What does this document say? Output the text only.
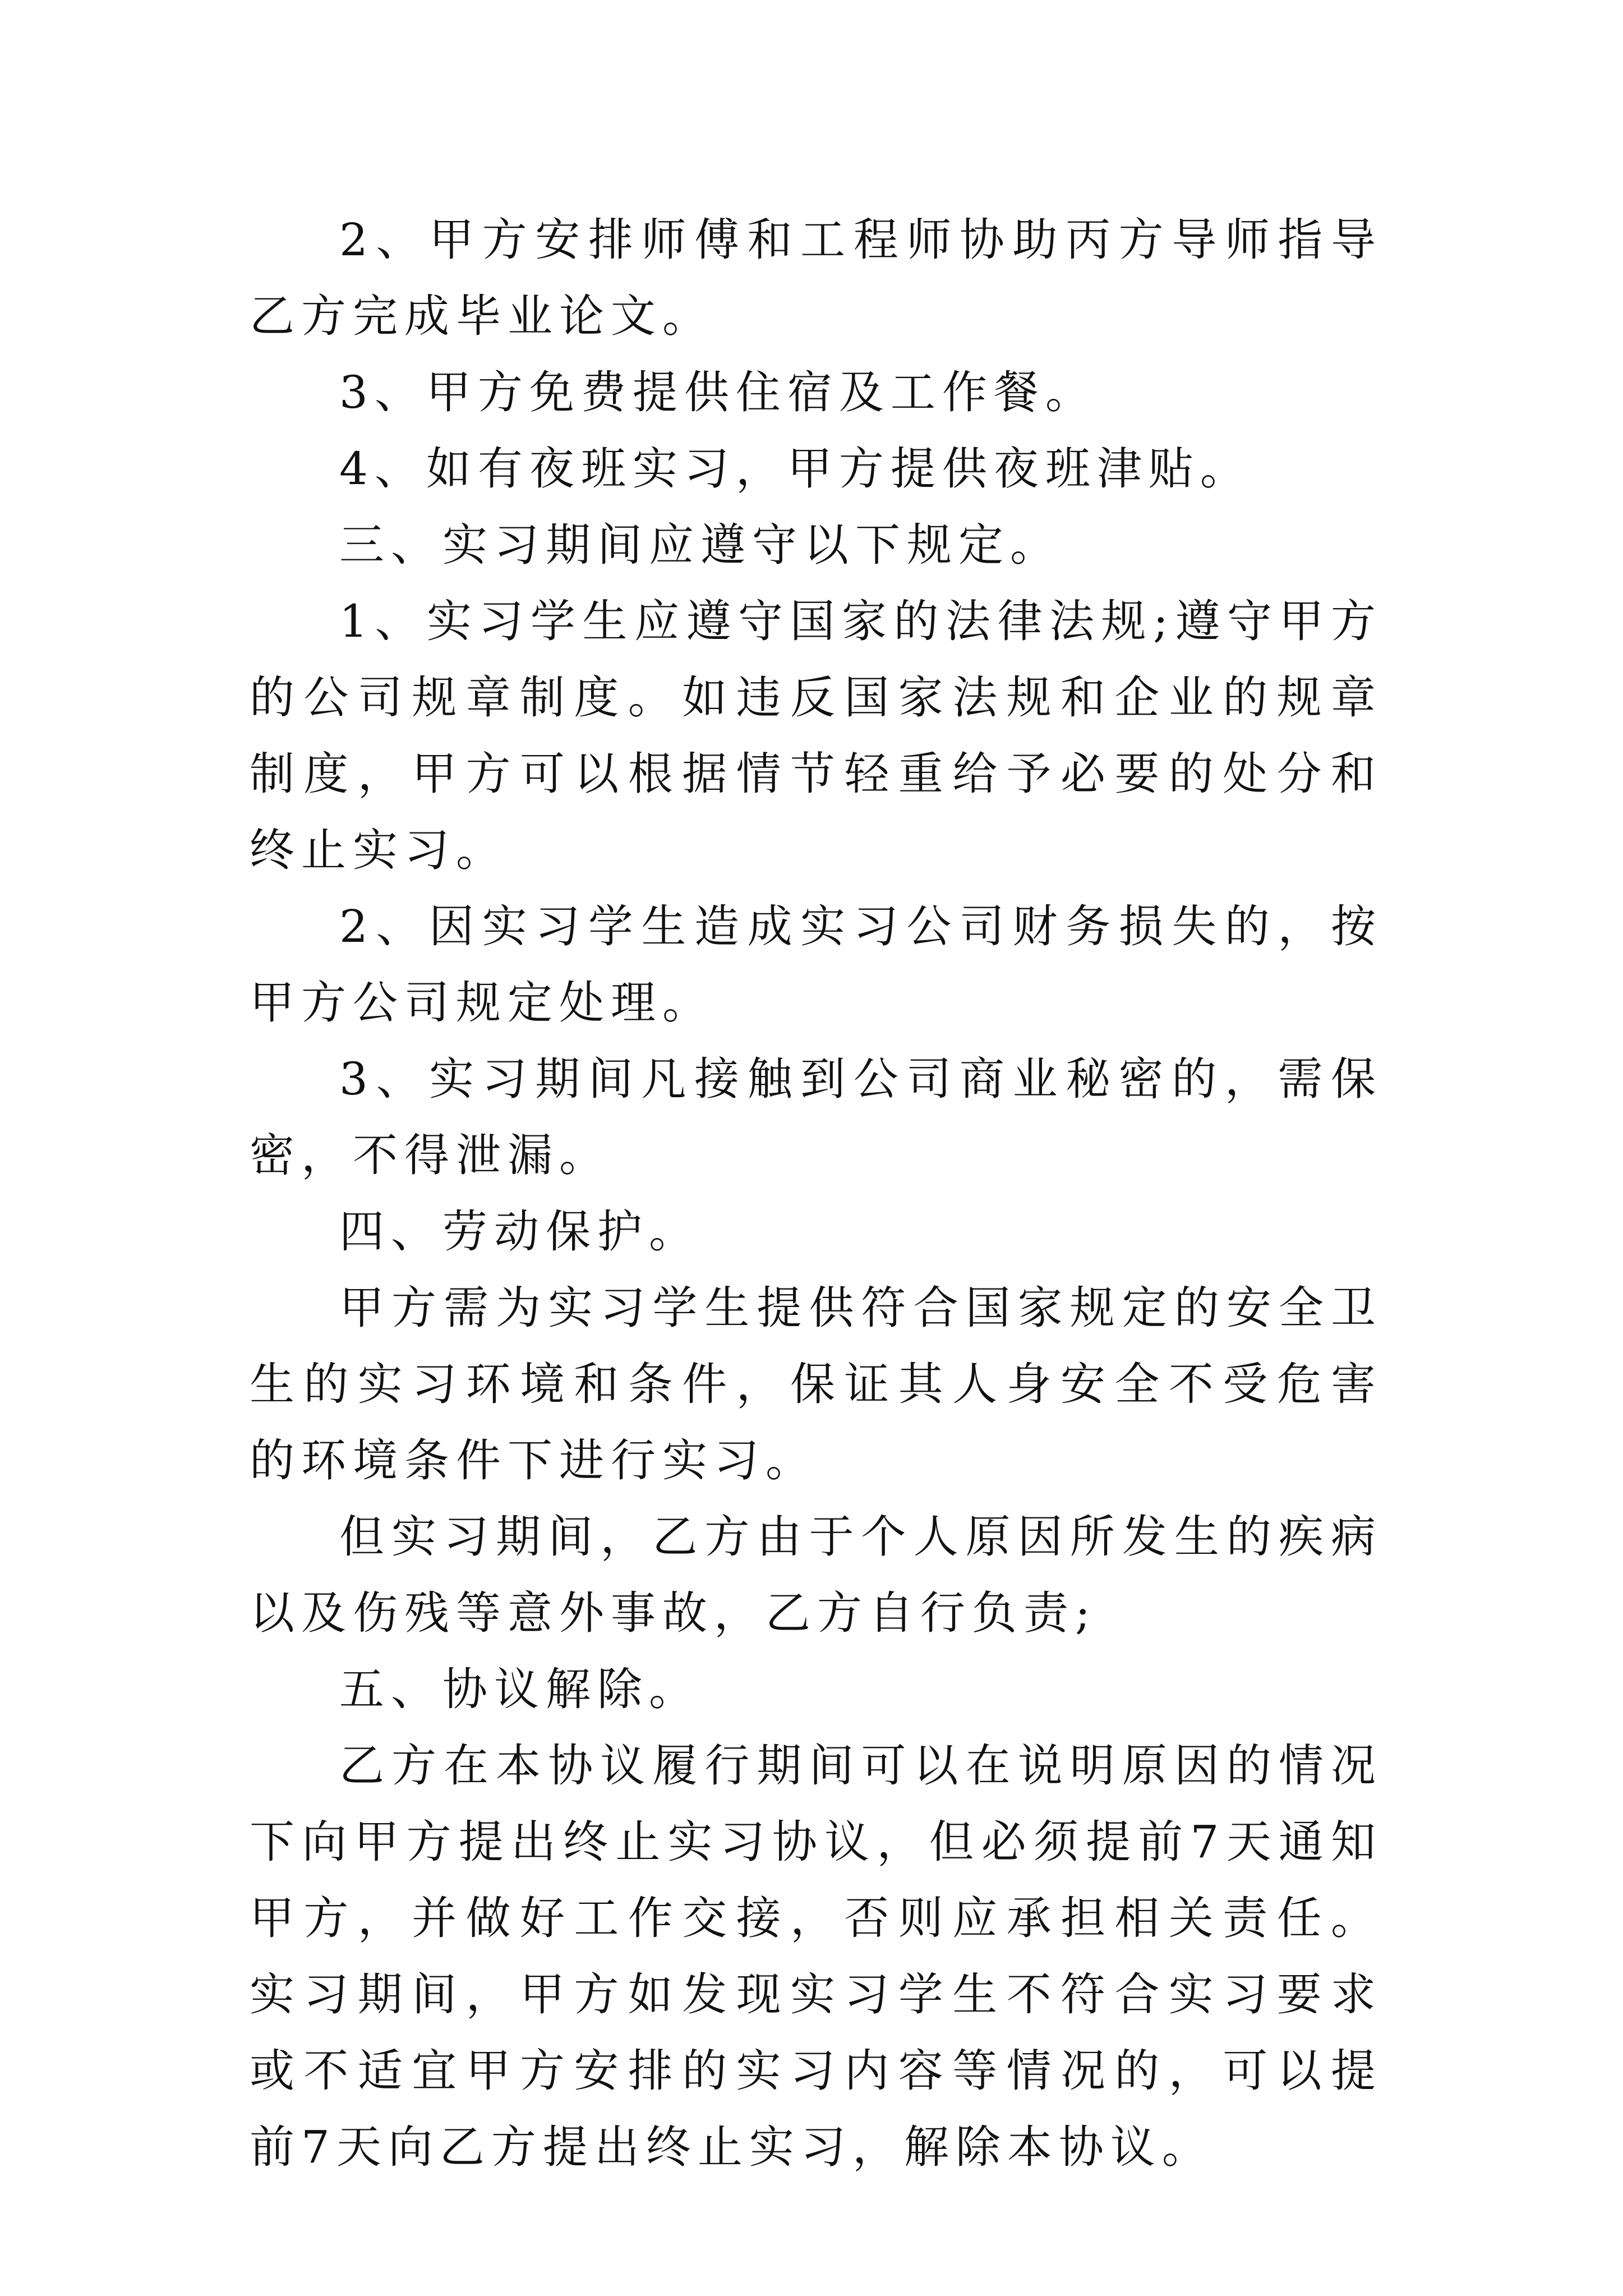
2、甲方安排师傅和工程师协助丙方导师指导乙方完成毕业论文。

3、甲方免费提供住宿及工作餐。

4、如有夜班实习，甲方提供夜班津贴。

三、实习期间应遵守以下规定。

1、实习学生应遵守国家的法律法规;遵守甲方的公司规章制度。如违反国家法规和企业的规章制度，甲方可以根据情节轻重给予必要的处分和终止实习。

2、因实习学生造成实习公司财务损失的，按甲方公司规定处理。

3、实习期间凡接触到公司商业秘密的，需保密，不得泄漏。

四、劳动保护。

甲方需为实习学生提供符合国家规定的安全卫生的实习环境和条件，保证其人身安全不受危害的环境条件下进行实习。

但实习期间，乙方由于个人原因所发生的疾病以及伤残等意外事故，乙方自行负责;

五、协议解除。

乙方在本协议履行期间可以在说明原因的情况下向甲方提出终止实习协议，但必须提前7天通知甲方，并做好工作交接，否则应承担相关责任。实习期间，甲方如发现实习学生不符合实习要求或不适宜甲方安排的实习内容等情况的，可以提前7天向乙方提出终止实习，解除本协议。
